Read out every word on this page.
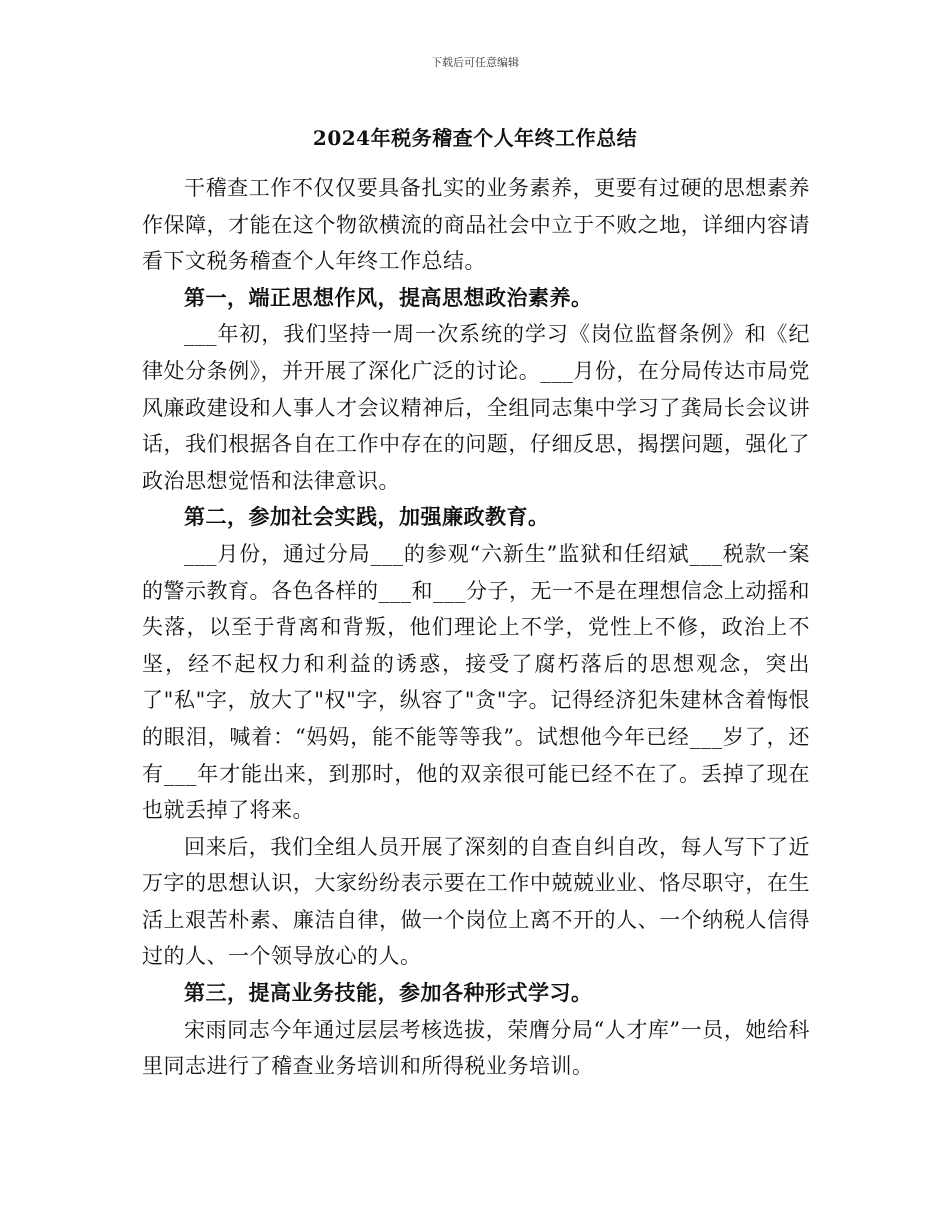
下载后可任意编辑
2024年税务稽查个人年终工作总结

干稽查工作不仅仅要具备扎实的业务素养，更要有过硬的思想素养作保障，才能在这个物欲横流的商品社会中立于不败之地，详细内容请看下文税务稽查个人年终工作总结。

第一，端正思想作风，提高思想政治素养。

___年初，我们坚持一周一次系统的学习《岗位监督条例》和《纪律处分条例》，并开展了深化广泛的讨论。___月份，在分局传达市局党风廉政建设和人事人才会议精神后，全组同志集中学习了龚局长会议讲话，我们根据各自在工作中存在的问题，仔细反思，揭摆问题，强化了政治思想觉悟和法律意识。

第二，参加社会实践，加强廉政教育。

___月份，通过分局___的参观“六新生”监狱和任绍斌___税款一案的警示教育。各色各样的___和___分子，无一不是在理想信念上动摇和失落，以至于背离和背叛，他们理论上不学，党性上不修，政治上不坚，经不起权力和利益的诱惑，接受了腐朽落后的思想观念，突出了"私"字，放大了"权"字，纵容了"贪"字。记得经济犯朱建林含着悔恨的眼泪，喊着：“妈妈，能不能等等我”。试想他今年已经___岁了，还有___年才能出来，到那时，他的双亲很可能已经不在了。丢掉了现在也就丢掉了将来。

回来后，我们全组人员开展了深刻的自查自纠自改，每人写下了近万字的思想认识，大家纷纷表示要在工作中兢兢业业、恪尽职守，在生活上艰苦朴素、廉洁自律，做一个岗位上离不开的人、一个纳税人信得过的人、一个领导放心的人。

第三，提高业务技能，参加各种形式学习。

宋雨同志今年通过层层考核选拔，荣膺分局“人才库”一员，她给科里同志进行了稽查业务培训和所得税业务培训。
